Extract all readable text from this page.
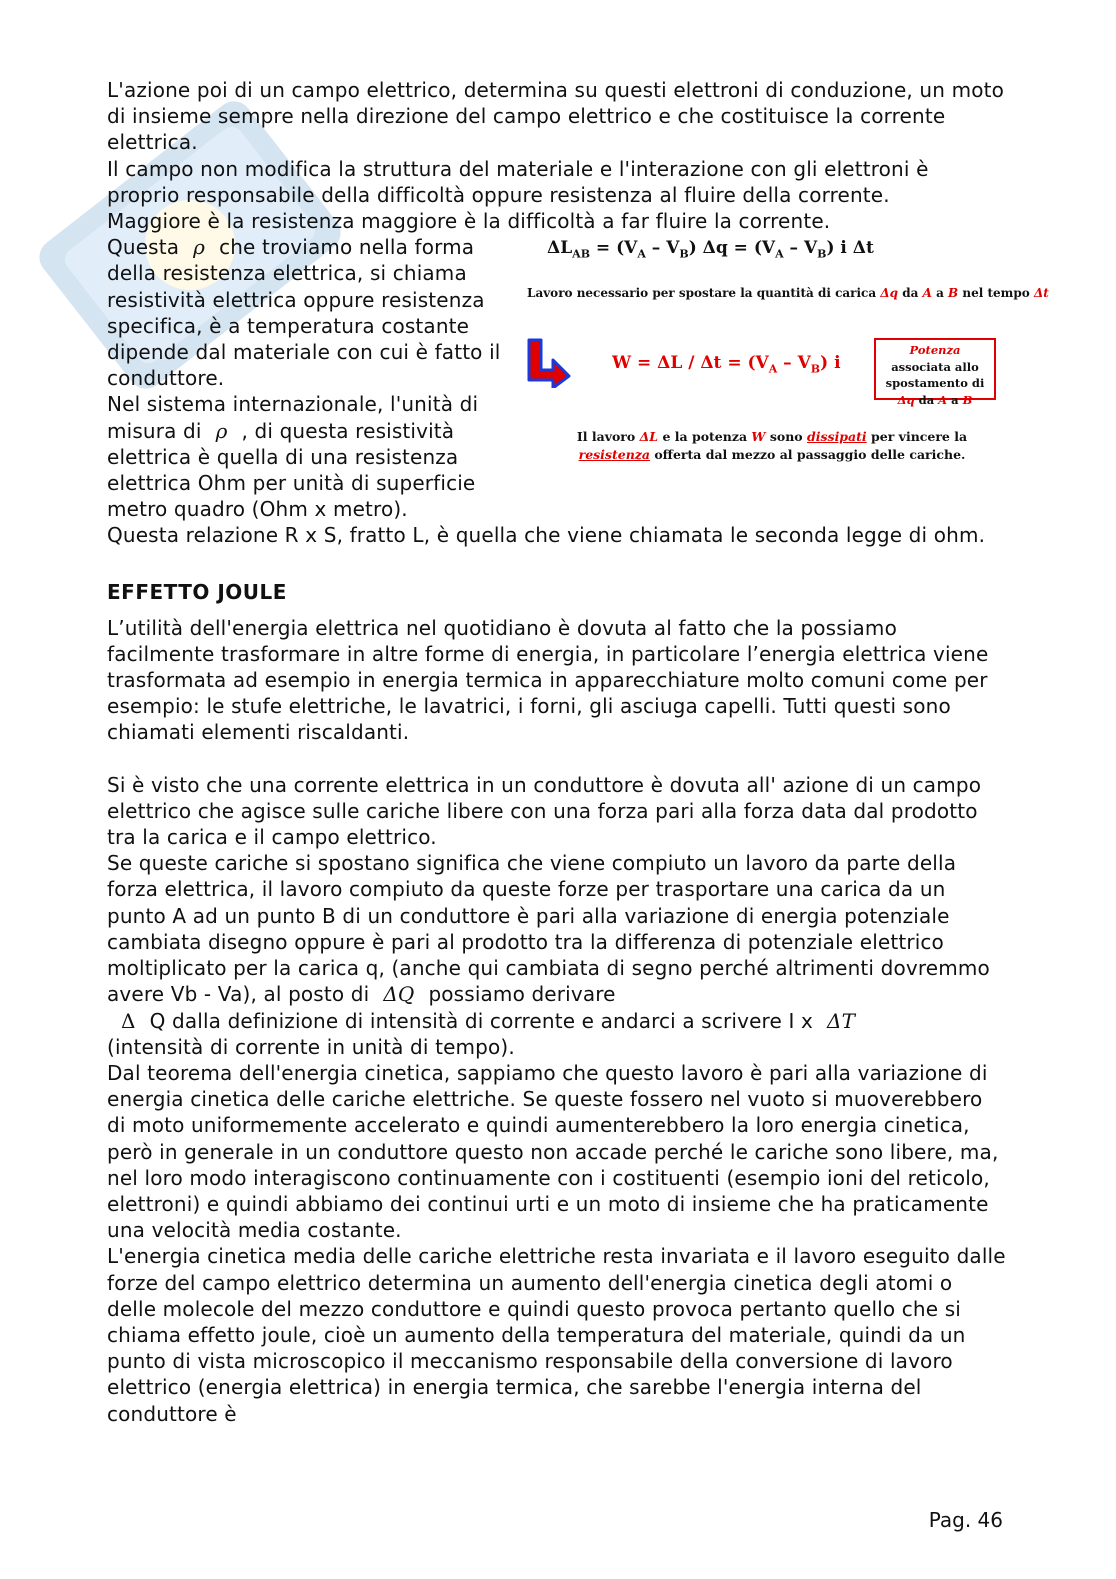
L'azione poi di un campo elettrico, determina su questi elettroni di conduzione, un moto di insieme sempre nella direzione del campo elettrico e che costituisce la corrente elettrica.

Il campo non modifica la struttura del materiale e l'interazione con gli elettroni è proprio responsabile della difficoltà oppure resistenza al fluire della corrente.

Maggiore è la resistenza maggiore è la difficoltà a far fluire la corrente.

$\Delta L_{AB} = (V_A - V_B) \Delta q = (V_A - V_B)$ i Δt
Lavoro necessario per spostare la quantità di carica Δq da A a B nel tempo Δt
$W = \Delta L / \Delta t = (V_A - V_B)$ i
Potenza associata allo spostamento di Δq da A a B
Il lavoro ΔL e la potenza W sono dissipati per vincere la resistenza offerta dal mezzo al passaggio delle cariche.

Questa ρ che troviamo nella forma della resistenza elettrica, si chiama resistività elettrica oppure resistenza specifica, è a temperatura costante dipende dal materiale con cui è fatto il conduttore.

Nel sistema internazionale, l'unità di misura di ρ , di questa resistività elettrica è quella di una resistenza elettrica Ohm per unità di superficie metro quadro (Ohm x metro).

Questa relazione R x S, fratto L, è quella che viene chiamata le seconda legge di ohm.

EFFETTO JOULE

L’utilità dell'energia elettrica nel quotidiano è dovuta al fatto che la possiamo facilmente trasformare in altre forme di energia, in particolare l’energia elettrica viene trasformata ad esempio in energia termica in apparecchiature molto comuni come per esempio: le stufe elettriche, le lavatrici, i forni, gli asciuga capelli. Tutti questi sono chiamati elementi riscaldanti.

Si è visto che una corrente elettrica in un conduttore è dovuta all' azione di un campo elettrico che agisce sulle cariche libere con una forza pari alla forza data dal prodotto tra la carica e il campo elettrico.

Se queste cariche si spostano significa che viene compiuto un lavoro da parte della forza elettrica, il lavoro compiuto da queste forze per trasportare una carica da un punto A ad un punto B di un conduttore è pari alla variazione di energia potenziale cambiata disegno oppure è pari al prodotto tra la differenza di potenziale elettrico moltiplicato per la carica q, (anche qui cambiata di segno perché altrimenti dovremmo avere Vb - Va), al posto di ΔQ possiamo derivare
Δ Q dalla definizione di intensità di corrente e andarci a scrivere I x ΔT
(intensità di corrente in unità di tempo).

Dal teorema dell'energia cinetica, sappiamo che questo lavoro è pari alla variazione di energia cinetica delle cariche elettriche. Se queste fossero nel vuoto si muoverebbero di moto uniformemente accelerato e quindi aumenterebbero la loro energia cinetica, però in generale in un conduttore questo non accade perché le cariche sono libere, ma, nel loro modo interagiscono continuamente con i costituenti (esempio ioni del reticolo, elettroni) e quindi abbiamo dei continui urti e un moto di insieme che ha praticamente una velocità media costante.

L'energia cinetica media delle cariche elettriche resta invariata e il lavoro eseguito dalle forze del campo elettrico determina un aumento dell'energia cinetica degli atomi o delle molecole del mezzo conduttore e quindi questo provoca pertanto quello che si chiama effetto joule, cioè un aumento della temperatura del materiale, quindi da un punto di vista microscopico il meccanismo responsabile della conversione di lavoro elettrico (energia elettrica) in energia termica, che sarebbe l'energia interna del conduttore è

Pag. 46
